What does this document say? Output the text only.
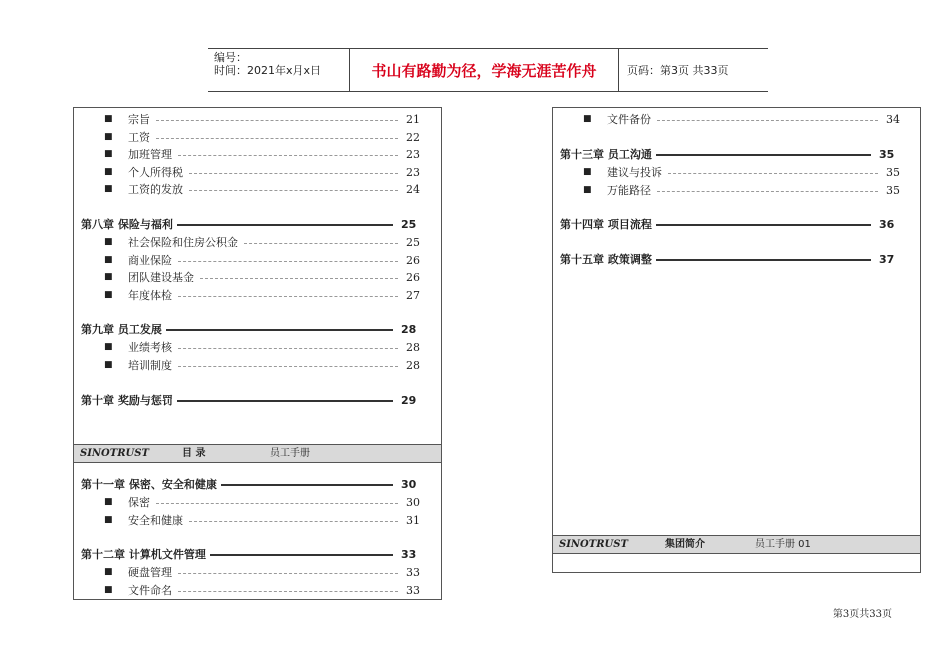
编号：
时间：2021年x月x日	书山有路勤为径，学海无涯苦作舟	页码：第3页 共33页
■ 宗旨	21
■ 工资	22
■ 加班管理	23
■ 个人所得税	23
■ 工资的发放	24
第八章 保险与福利	25
■ 社会保险和住房公积金	25
■ 商业保险	26
■ 团队建设基金	26
■ 年度体检	27
第九章 员工发展	28
■ 业绩考核	28
■ 培训制度	28
第十章 奖励与惩罚	29
SINOTRUST	目 录	员工手册
第十一章 保密、安全和健康	30
■ 保密	30
■ 安全和健康	31
第十二章 计算机文件管理	33
■ 硬盘管理	33
■ 文件命名	33
■ 文件备份	34
第十三章 员工沟通	35
■ 建议与投诉	35
■ 万能路径	35
第十四章 项目流程	36
第十五章 政策调整	37
SINOTRUST	集团简介	员工手册 01
第3页共33页
